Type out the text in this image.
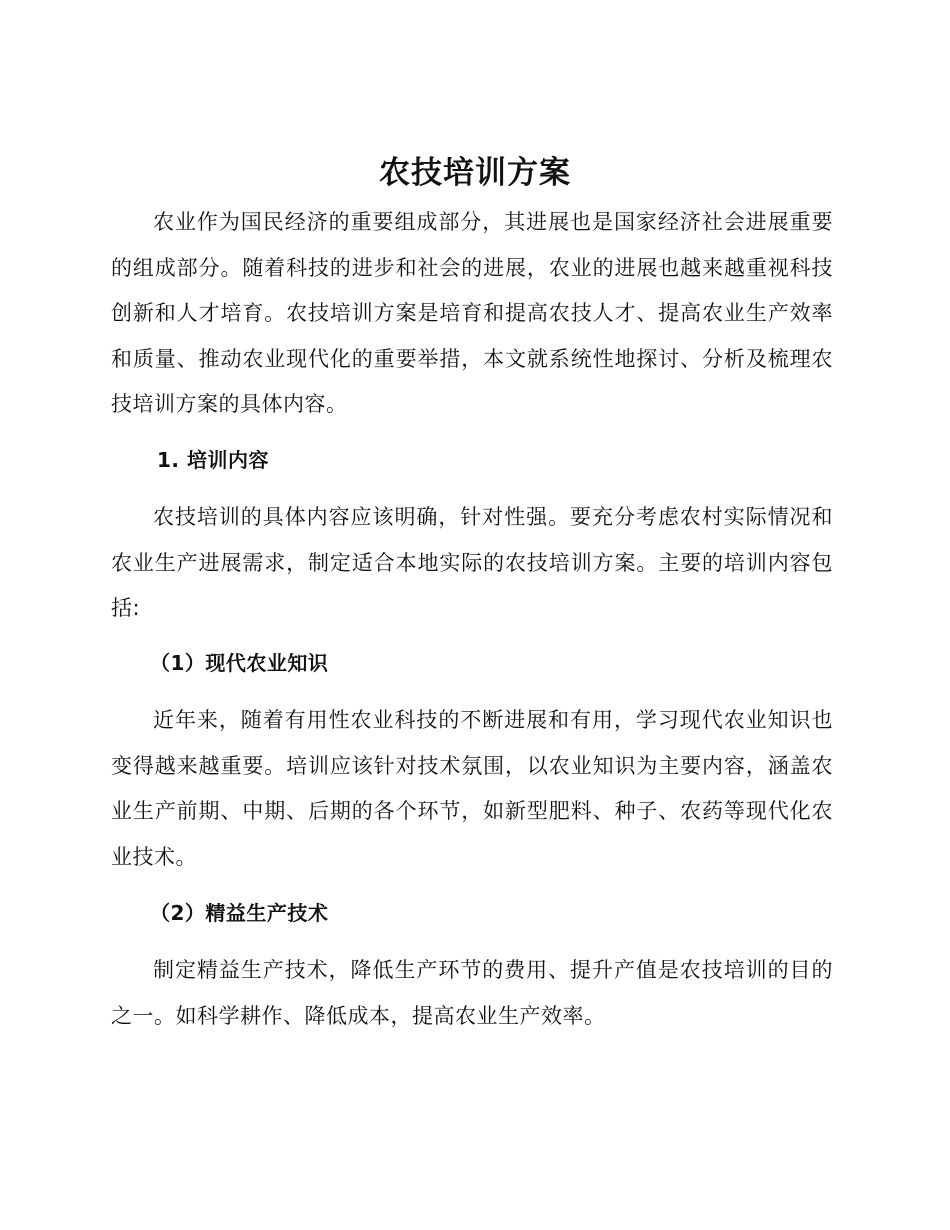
农技培训方案

农业作为国民经济的重要组成部分，其进展也是国家经济社会进展重要的组成部分。随着科技的进步和社会的进展，农业的进展也越来越重视科技创新和人才培育。农技培训方案是培育和提高农技人才、提高农业生产效率和质量、推动农业现代化的重要举措，本文就系统性地探讨、分析及梳理农技培训方案的具体内容。

1. 培训内容

农技培训的具体内容应该明确，针对性强。要充分考虑农村实际情况和农业生产进展需求，制定适合本地实际的农技培训方案。主要的培训内容包括:

（1）现代农业知识

近年来，随着有用性农业科技的不断进展和有用，学习现代农业知识也变得越来越重要。培训应该针对技术氛围，以农业知识为主要内容，涵盖农业生产前期、中期、后期的各个环节，如新型肥料、种子、农药等现代化农业技术。

（2）精益生产技术

制定精益生产技术，降低生产环节的费用、提升产值是农技培训的目的之一。如科学耕作、降低成本，提高农业生产效率。
